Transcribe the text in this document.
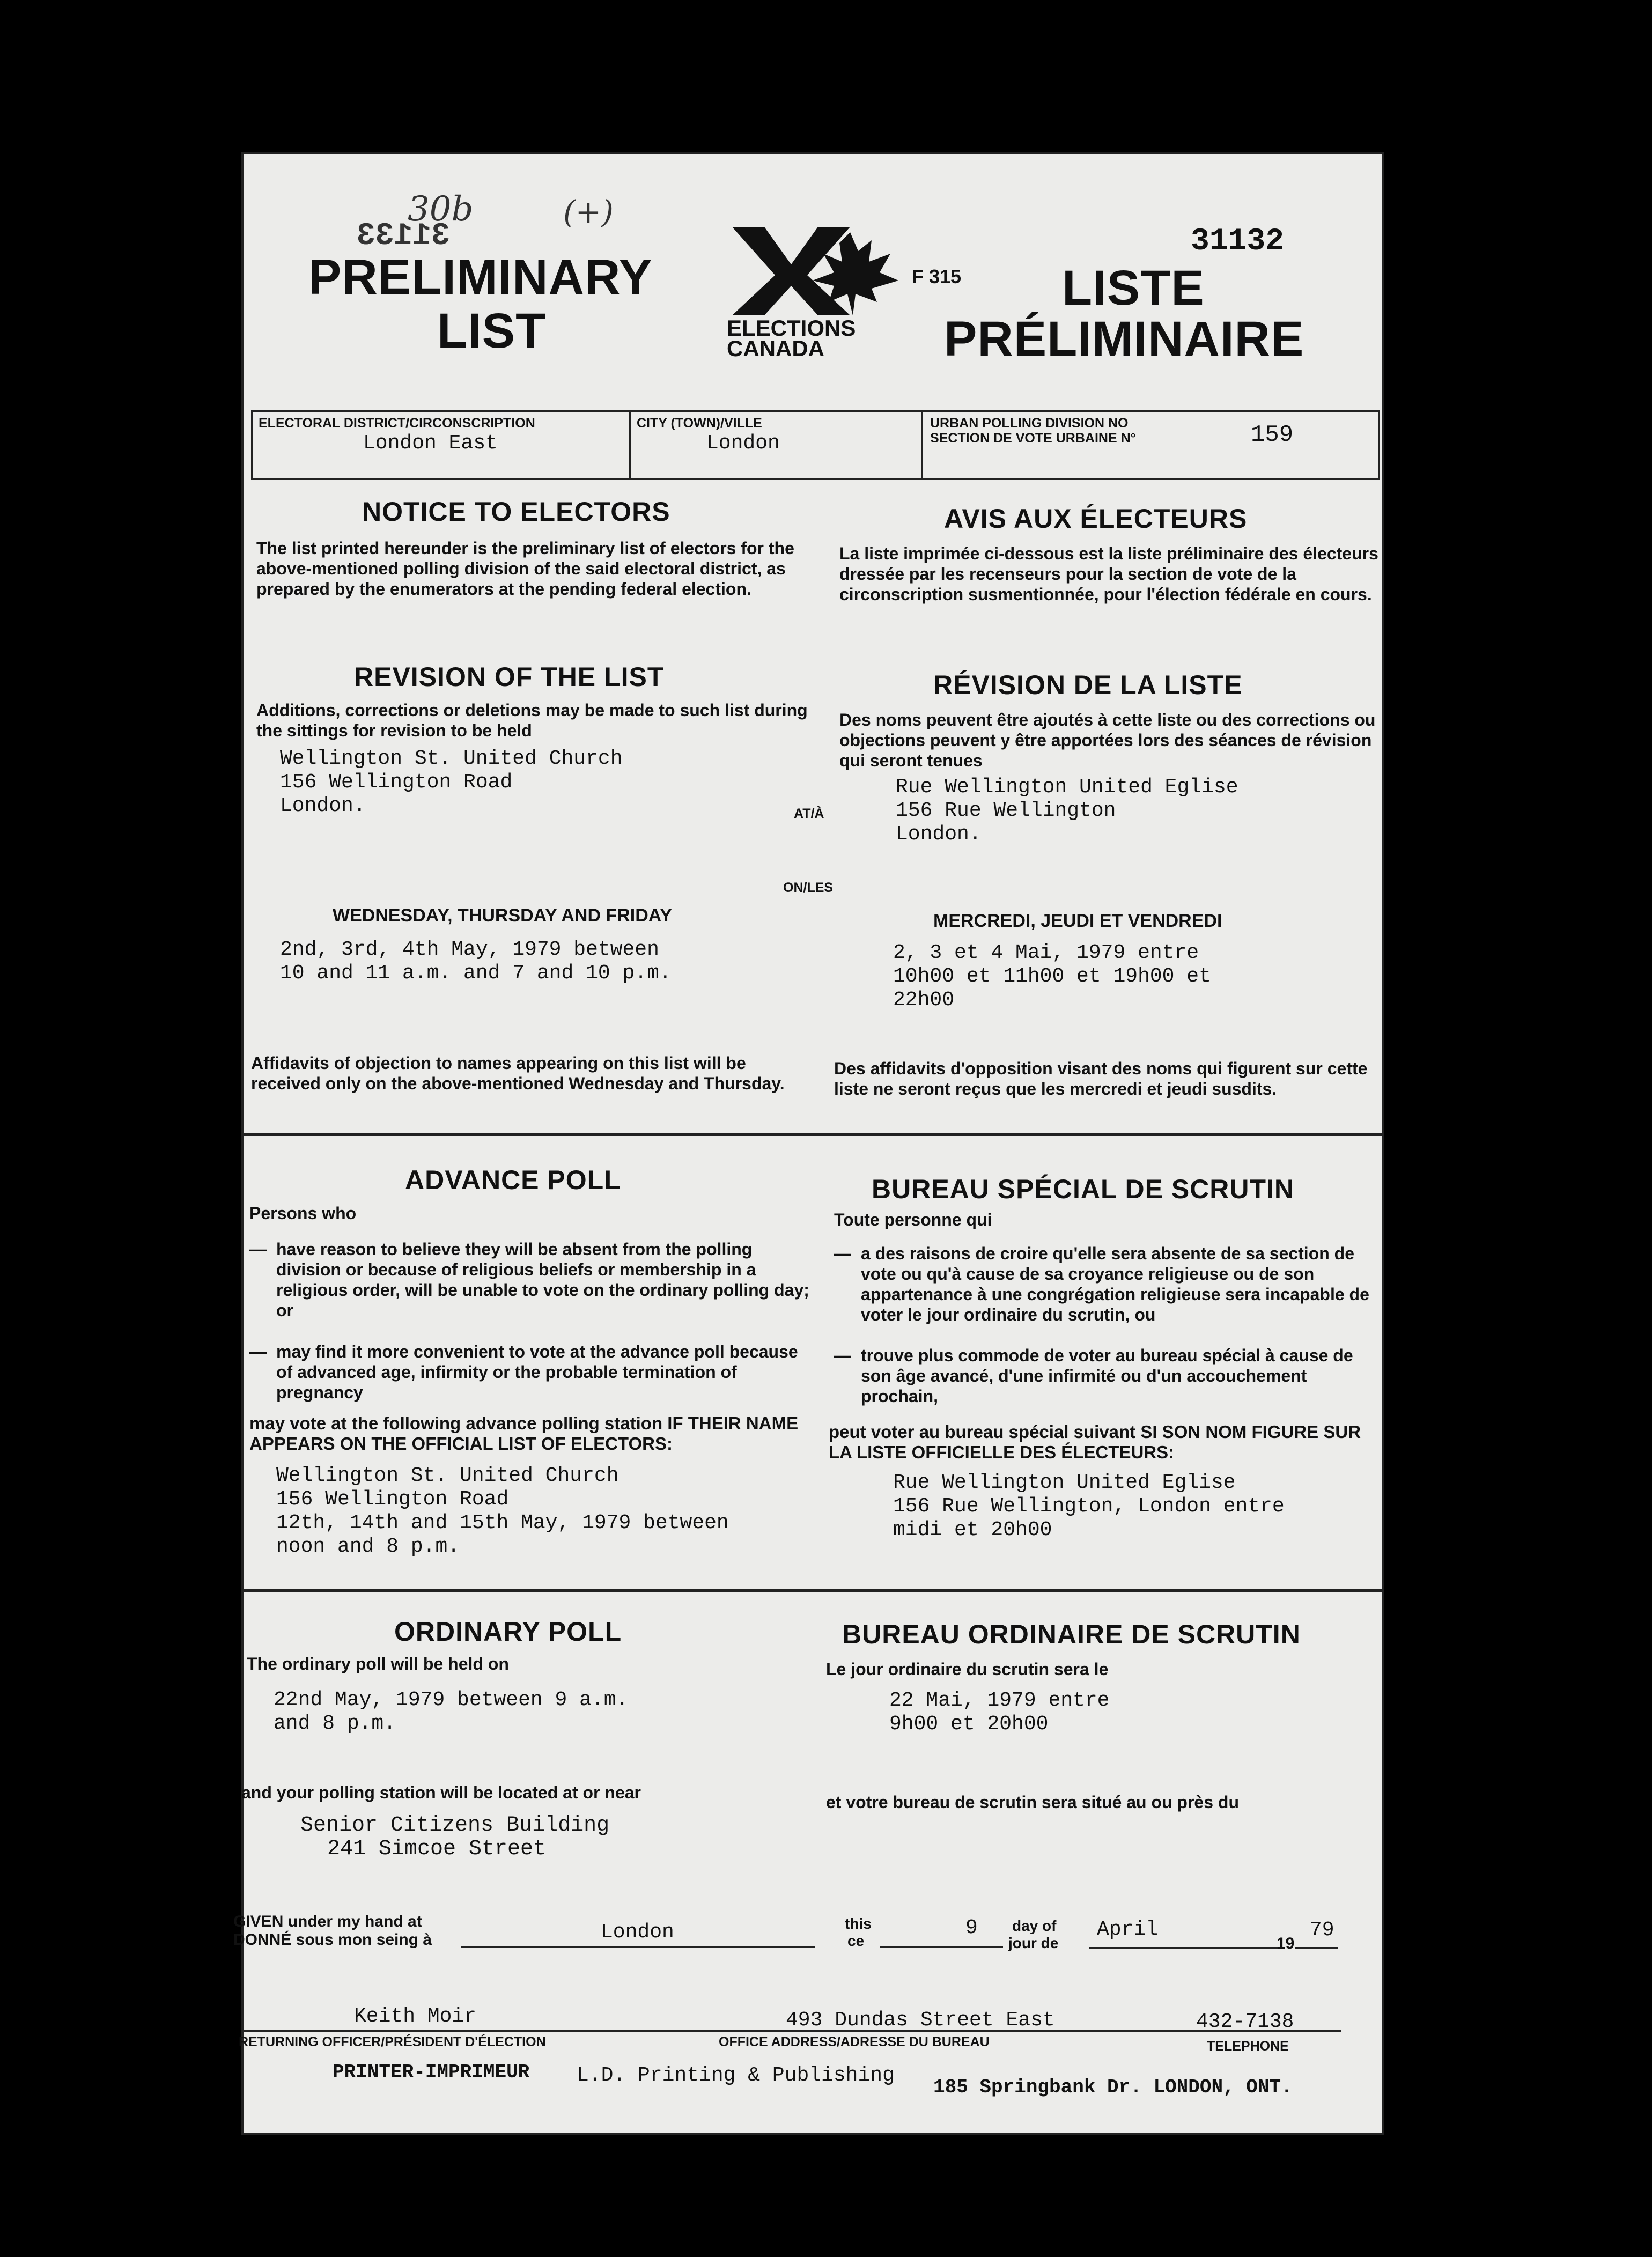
30b	(+)
31133	31132
PRELIMINARY
LIST
LISTE
PRÉLIMINAIRE
ELECTIONS
CANADA
F 315
ELECTORAL DISTRICT/CIRCONSCRIPTION
London East
CITY (TOWN)/VILLE
London
URBAN POLLING DIVISION NO
SECTION DE VOTE URBAINE N°	159
NOTICE TO ELECTORS
The list printed hereunder is the preliminary list of electors for the above-mentioned polling division of the said electoral district, as prepared by the enumerators at the pending federal election.
AVIS AUX ÉLECTEURS
La liste imprimée ci-dessous est la liste préliminaire des électeurs dressée par les recenseurs pour la section de vote de la circonscription susmentionnée, pour l'élection fédérale en cours.
REVISION OF THE LIST
Additions, corrections or deletions may be made to such list during the sittings for revision to be held
Wellington St. United Church
156 Wellington Road
London.	AT/À
ON/LES
WEDNESDAY, THURSDAY AND FRIDAY
2nd, 3rd, 4th May, 1979 between
10 and 11 a.m. and 7 and 10 p.m.
Affidavits of objection to names appearing on this list will be received only on the above-mentioned Wednesday and Thursday.
RÉVISION DE LA LISTE
Des noms peuvent être ajoutés à cette liste ou des corrections ou objections peuvent y être apportées lors des séances de révision qui seront tenues
Rue Wellington United Eglise
156 Rue Wellington
London.
MERCREDI, JEUDI ET VENDREDI
2, 3 et 4 Mai, 1979 entre
10h00 et 11h00 et 19h00 et
22h00
Des affidavits d'opposition visant des noms qui figurent sur cette liste ne seront reçus que les mercredi et jeudi susdits.
ADVANCE POLL
Persons who
— have reason to believe they will be absent from the polling division or because of religious beliefs or membership in a religious order, will be unable to vote on the ordinary polling day; or
— may find it more convenient to vote at the advance poll because of advanced age, infirmity or the probable termination of pregnancy
may vote at the following advance polling station IF THEIR NAME APPEARS ON THE OFFICIAL LIST OF ELECTORS:
Wellington St. United Church
156 Wellington Road
12th, 14th and 15th May, 1979 between
noon and 8 p.m.
BUREAU SPÉCIAL DE SCRUTIN
Toute personne qui
— a des raisons de croire qu'elle sera absente de sa section de vote ou qu'à cause de sa croyance religieuse ou de son appartenance à une congrégation religieuse sera incapable de voter le jour ordinaire du scrutin, ou
— trouve plus commode de voter au bureau spécial à cause de son âge avancé, d'une infirmité ou d'un accouchement prochain,
peut voter au bureau spécial suivant SI SON NOM FIGURE SUR LA LISTE OFFICIELLE DES ÉLECTEURS:
Rue Wellington United Eglise
156 Rue Wellington, London entre
midi et 20h00
ORDINARY POLL
The ordinary poll will be held on
22nd May, 1979 between 9 a.m.
and 8 p.m.
and your polling station will be located at or near
Senior Citizens Building
241 Simcoe Street
BUREAU ORDINAIRE DE SCRUTIN
Le jour ordinaire du scrutin sera le
22 Mai, 1979 entre
9h00 et 20h00
et votre bureau de scrutin sera situé au ou près du
GIVEN under my hand at
DONNÉ sous mon seing à	London	this
ce
9 day of
jour de
April
19
79
Keith Moir
RETURNING OFFICER/PRÉSIDENT D'ÉLECTION
493 Dundas Street East
OFFICE ADDRESS/ADRESSE DU BUREAU
432-7138
TELEPHONE
PRINTER-IMPRIMEUR L.D. Printing & Publishing
185 Springbank Dr. LONDON, ONT.
